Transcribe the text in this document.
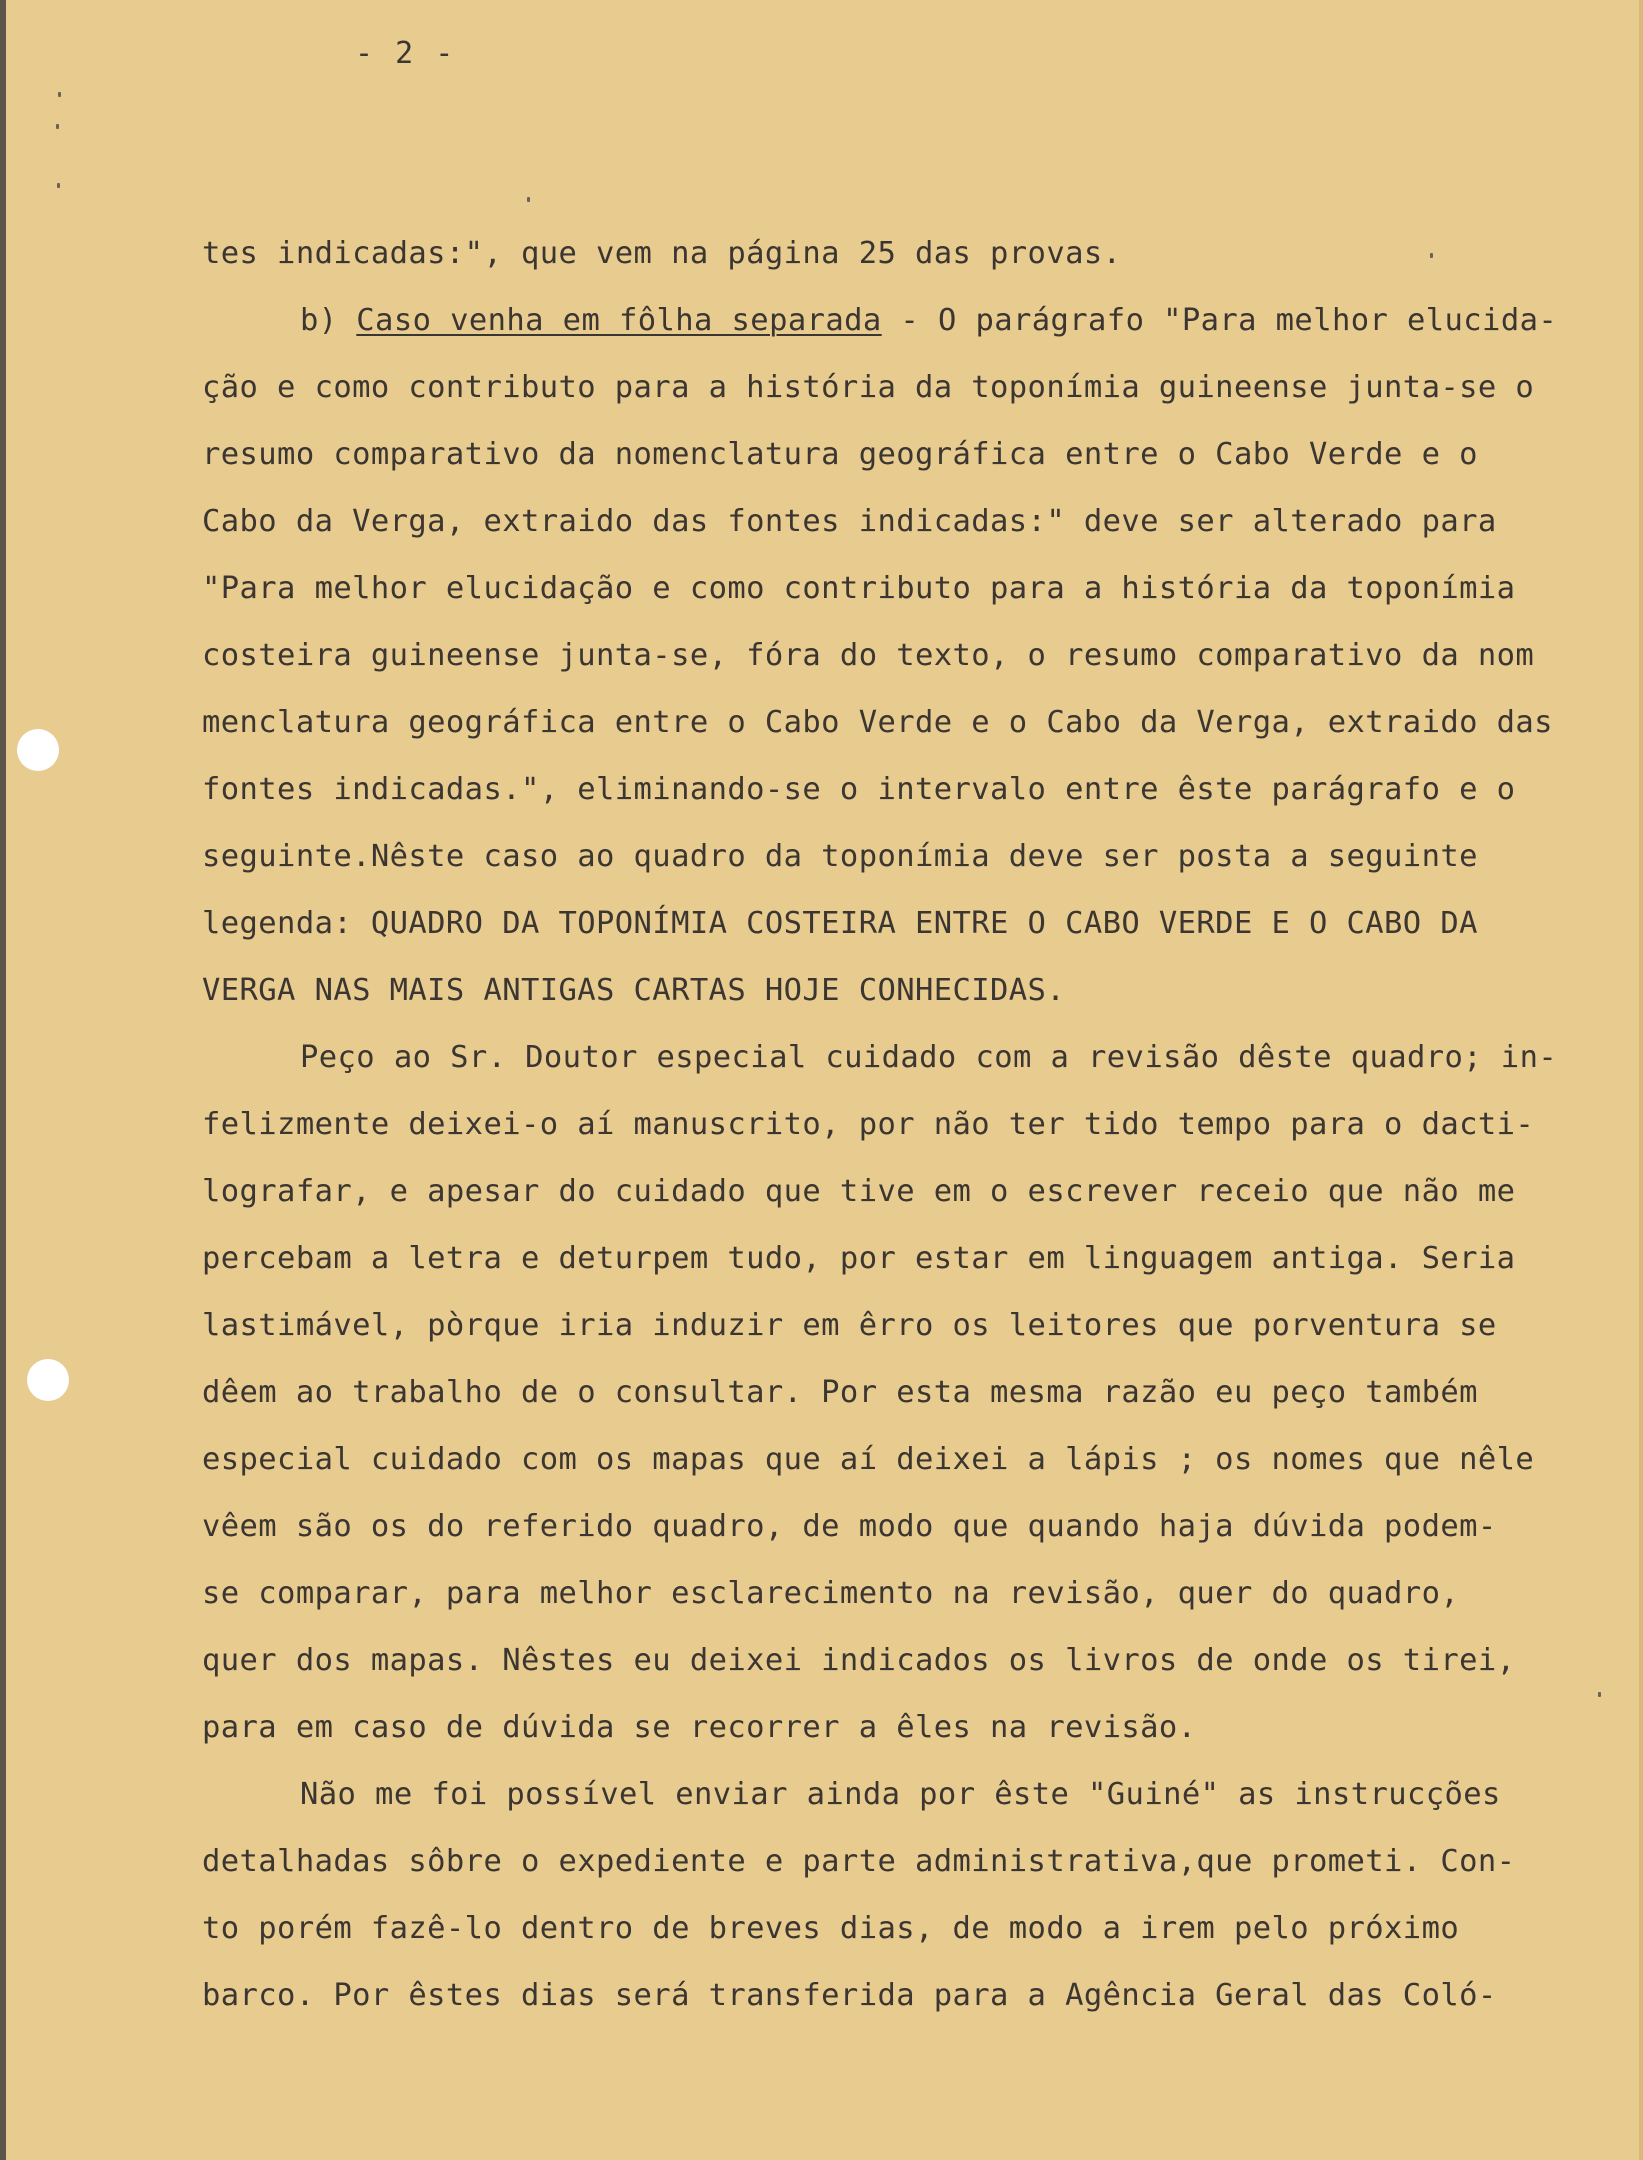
- 2 -
tes indicadas:", que vem na página 25 das provas.
b) Caso venha em fôlha separada - O parágrafo "Para melhor elucida-
ção e como contributo para a história da toponímia guineense junta-se o
resumo comparativo da nomenclatura geográfica entre o Cabo Verde e o
Cabo da Verga, extraido das fontes indicadas:" deve ser alterado para
"Para melhor elucidação e como contributo para a história da toponímia
costeira guineense junta-se, fóra do texto, o resumo comparativo da nom
menclatura geográfica entre o Cabo Verde e o Cabo da Verga, extraido das
fontes indicadas.", eliminando-se o intervalo entre êste parágrafo e o
seguinte.Nêste caso ao quadro da toponímia deve ser posta a seguinte
legenda: QUADRO DA TOPONÍMIA COSTEIRA ENTRE O CABO VERDE E O CABO DA
VERGA NAS MAIS ANTIGAS CARTAS HOJE CONHECIDAS.
Peço ao Sr. Doutor especial cuidado com a revisão dêste quadro; in-
felizmente deixei-o aí manuscrito, por não ter tido tempo para o dacti-
lografar, e apesar do cuidado que tive em o escrever receio que não me
percebam a letra e deturpem tudo, por estar em linguagem antiga. Seria
lastimável, pòrque iria induzir em êrro os leitores que porventura se
dêem ao trabalho de o consultar. Por esta mesma razão eu peço também
especial cuidado com os mapas que aí deixei a lápis ; os nomes que nêle
vêem são os do referido quadro, de modo que quando haja dúvida podem-
se comparar, para melhor esclarecimento na revisão, quer do quadro,
quer dos mapas. Nêstes eu deixei indicados os livros de onde os tirei,
para em caso de dúvida se recorrer a êles na revisão.
Não me foi possível enviar ainda por êste "Guiné" as instrucções
detalhadas sôbre o expediente e parte administrativa,que prometi. Con-
to porém fazê-lo dentro de breves dias, de modo a irem pelo próximo
barco. Por êstes dias será transferida para a Agência Geral das Coló-
